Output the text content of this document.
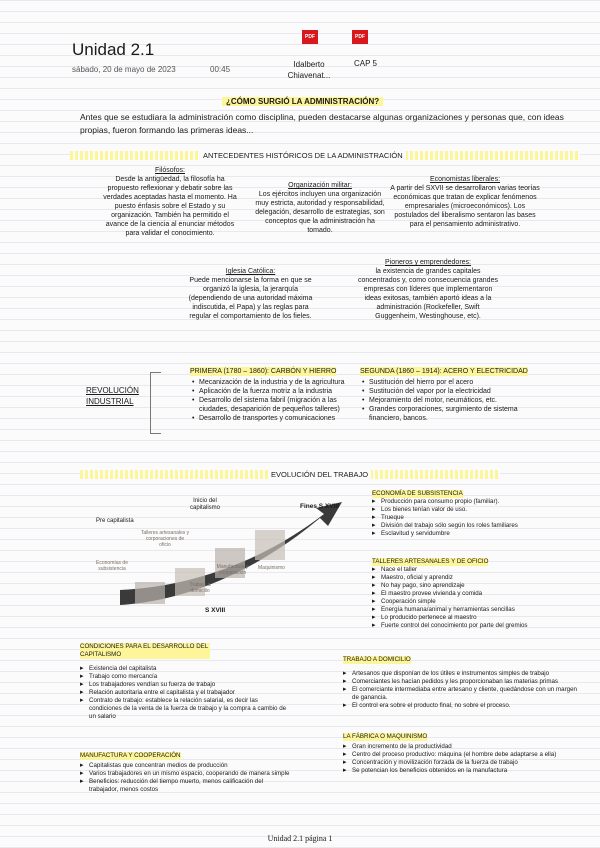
Unidad 2.1
sábado, 20 de mayo de 2023	00:45
PDF	PDF
Idalberto
Chiavenat...
CAP 5
¿CÓMO SURGIÓ LA ADMINISTRACIÓN?
Antes que se estudiara la administración como disciplina, pueden destacarse algunas organizaciones y personas que, con ideas propias, fueron formando las primeras ideas...
ANTECEDENTES HISTÓRICOS DE LA ADMINISTRACIÓN
Filósofos:
Desde la antigüedad, la filosofía ha propuesto reflexionar y debatir sobre las verdades aceptadas hasta el momento. Ha puesto énfasis sobre el Estado y su organización. También ha permitido el avance de la ciencia al enunciar métodos para validar el conocimiento.
Organización militar:
Los ejércitos incluyen una organización muy estricta, autoridad y responsabilidad, delegación, desarrollo de estrategias, son conceptos que la administración ha tomado.
Economistas liberales:
A partir del SXVII se desarrollaron varias teorías económicas que tratan de explicar fenómenos empresariales (microeconómicos). Los postulados del liberalismo sentaron las bases para el pensamiento administrativo.
Iglesia Católica:
Puede mencionarse la forma en que se organizó la iglesia, la jerarquía (dependiendo de una autoridad máxima indiscutida, el Papa) y las reglas para regular el comportamiento de los fieles.
Pioneros y emprendedores:
la existencia de grandes capitales concentrados y, como consecuencia grandes empresas con líderes que implementaron ideas exitosas, también aportó ideas a la administración (Rockefeller, Swift Guggenheim, Westinghouse, etc).
REVOLUCIÓN
INDUSTRIAL
PRIMERA (1780 – 1860): CARBÓN Y HIERRO
• Mecanización de la industria y de la agricultura
• Aplicación de la fuerza motriz a la industria
• Desarrollo del sistema fabril (migración a las ciudades, desaparición de pequeños talleres)
• Desarrollo de transportes y comunicaciones
SEGUNDA (1860 – 1914): ACERO Y ELECTRICIDAD
• Sustitución del hierro por el acero
• Sustitución del vapor por la electricidad
• Mejoramiento del motor, neumáticos, etc.
• Grandes corporaciones, surgimiento de sistema financiero, bancos.
EVOLUCIÓN DEL TRABAJO
Pre capitalista
Inicio del capitalismo
Talleres artesanales y corporaciones de oficio
Economías de subsistencia
Trabajo a domicilio
Manufactura y cooperación
Maquinismo
Fines S XVIII
S XVIII
ECONOMÍA DE SUBSISTENCIA
▸ Producción para consumo propio (familiar).
▸ Los bienes tenían valor de uso.
▸ Trueque
▸ División del trabajo sólo según los roles familiares
▸ Esclavitud y servidumbre
TALLERES ARTESANALES Y DE OFICIO
▸ Nace el taller
▸ Maestro, oficial y aprendiz
▸ No hay pago, sino aprendizaje
▸ El maestro provee vivienda y comida
▸ Cooperación simple
▸ Energía humana/animal y herramientas sencillas
▸ Lo producido pertenece al maestro
▸ Fuerte control del conocimiento por parte del gremios
CONDICIONES PARA EL DESARROLLO DEL CAPITALISMO
▸ Existencia del capitalista
▸ Trabajo como mercancía
▸ Los trabajadores vendían su fuerza de trabajo
▸ Relación autoritaria entre el capitalista y el trabajador
▸ Contrato de trabajo: establece la relación salarial, es decir las condiciones de la venta de la fuerza de trabajo y la compra a cambio de un salario
TRABAJO A DOMICILIO
▸ Artesanos que disponían de los útiles e instrumentos simples de trabajo
▸ Comerciantes les hacían pedidos y les proporcionaban las materias primas
▸ El comerciante intermediaba entre artesano y cliente, quedándose con un margen de ganancia.
▸ El control era sobre el producto final, no sobre el proceso.
MANUFACTURA Y COOPERACIÓN
▸ Capitalistas que concentran medios de producción
▸ Varios trabajadores en un mismo espacio, cooperando de manera simple
▸ Beneficios: reducción del tiempo muerto, menos calificación del trabajador, menos costos
LA FÁBRICA O MAQUINISMO
▸ Gran incremento de la productividad
▸ Centro del proceso productivo: máquina (el hombre debe adaptarse a ella)
▸ Concentración y movilización forzada de la fuerza de trabajo
▸ Se potencian los beneficios obtenidos en la manufactura
Unidad 2.1 página 1
